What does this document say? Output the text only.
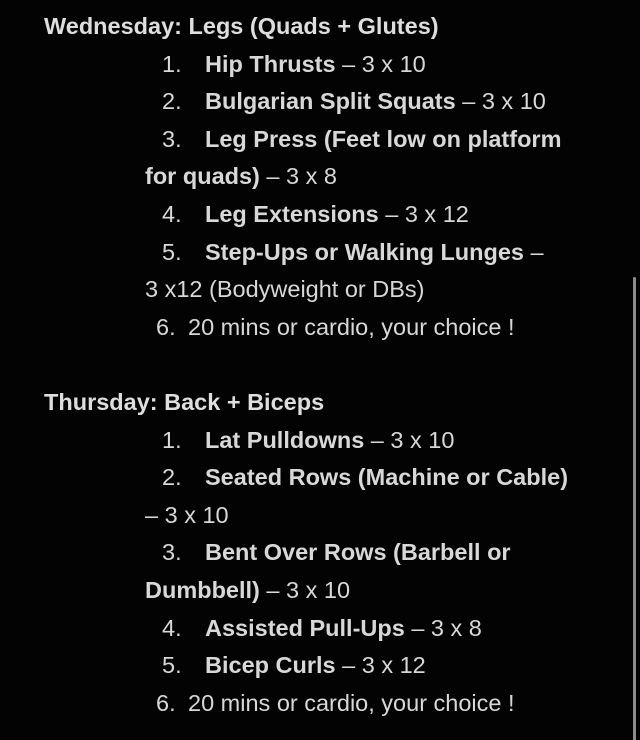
Wednesday: Legs (Quads + Glutes)
1. Hip Thrusts – 3 x 10
2. Bulgarian Split Squats – 3 x 10
3. Leg Press (Feet low on platform
for quads) – 3 x 8
4. Leg Extensions – 3 x 12
5. Step-Ups or Walking Lunges –
3 x12 (Bodyweight or DBs)
6. 20 mins or cardio, your choice !
Thursday: Back + Biceps
1. Lat Pulldowns – 3 x 10
2. Seated Rows (Machine or Cable)
– 3 x 10
3. Bent Over Rows (Barbell or
Dumbbell) – 3 x 10
4. Assisted Pull-Ups – 3 x 8
5. Bicep Curls – 3 x 12
6. 20 mins or cardio, your choice !
